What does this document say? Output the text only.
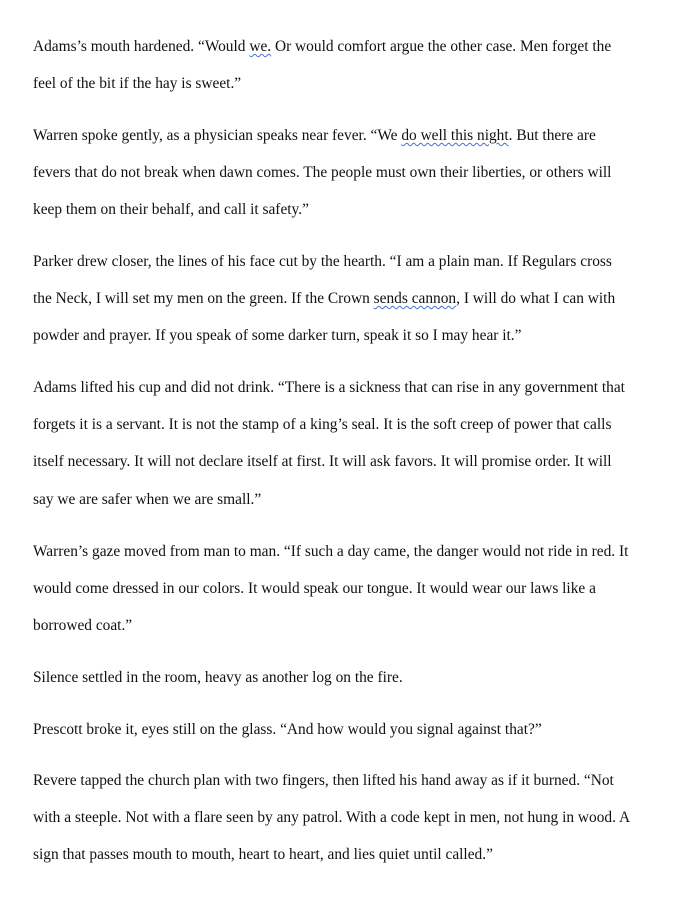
Adams’s mouth hardened. “Would we. Or would comfort argue the other case. Men forget the
feel of the bit if the hay is sweet.”

Warren spoke gently, as a physician speaks near fever. “We do well this night. But there are
fevers that do not break when dawn comes. The people must own their liberties, or others will
keep them on their behalf, and call it safety.”

Parker drew closer, the lines of his face cut by the hearth. “I am a plain man. If Regulars cross
the Neck, I will set my men on the green. If the Crown sends cannon, I will do what I can with
powder and prayer. If you speak of some darker turn, speak it so I may hear it.”

Adams lifted his cup and did not drink. “There is a sickness that can rise in any government that
forgets it is a servant. It is not the stamp of a king’s seal. It is the soft creep of power that calls
itself necessary. It will not declare itself at first. It will ask favors. It will promise order. It will
say we are safer when we are small.”

Warren’s gaze moved from man to man. “If such a day came, the danger would not ride in red. It
would come dressed in our colors. It would speak our tongue. It would wear our laws like a
borrowed coat.”

Silence settled in the room, heavy as another log on the fire.

Prescott broke it, eyes still on the glass. “And how would you signal against that?”

Revere tapped the church plan with two fingers, then lifted his hand away as if it burned. “Not
with a steeple. Not with a flare seen by any patrol. With a code kept in men, not hung in wood. A
sign that passes mouth to mouth, heart to heart, and lies quiet until called.”
